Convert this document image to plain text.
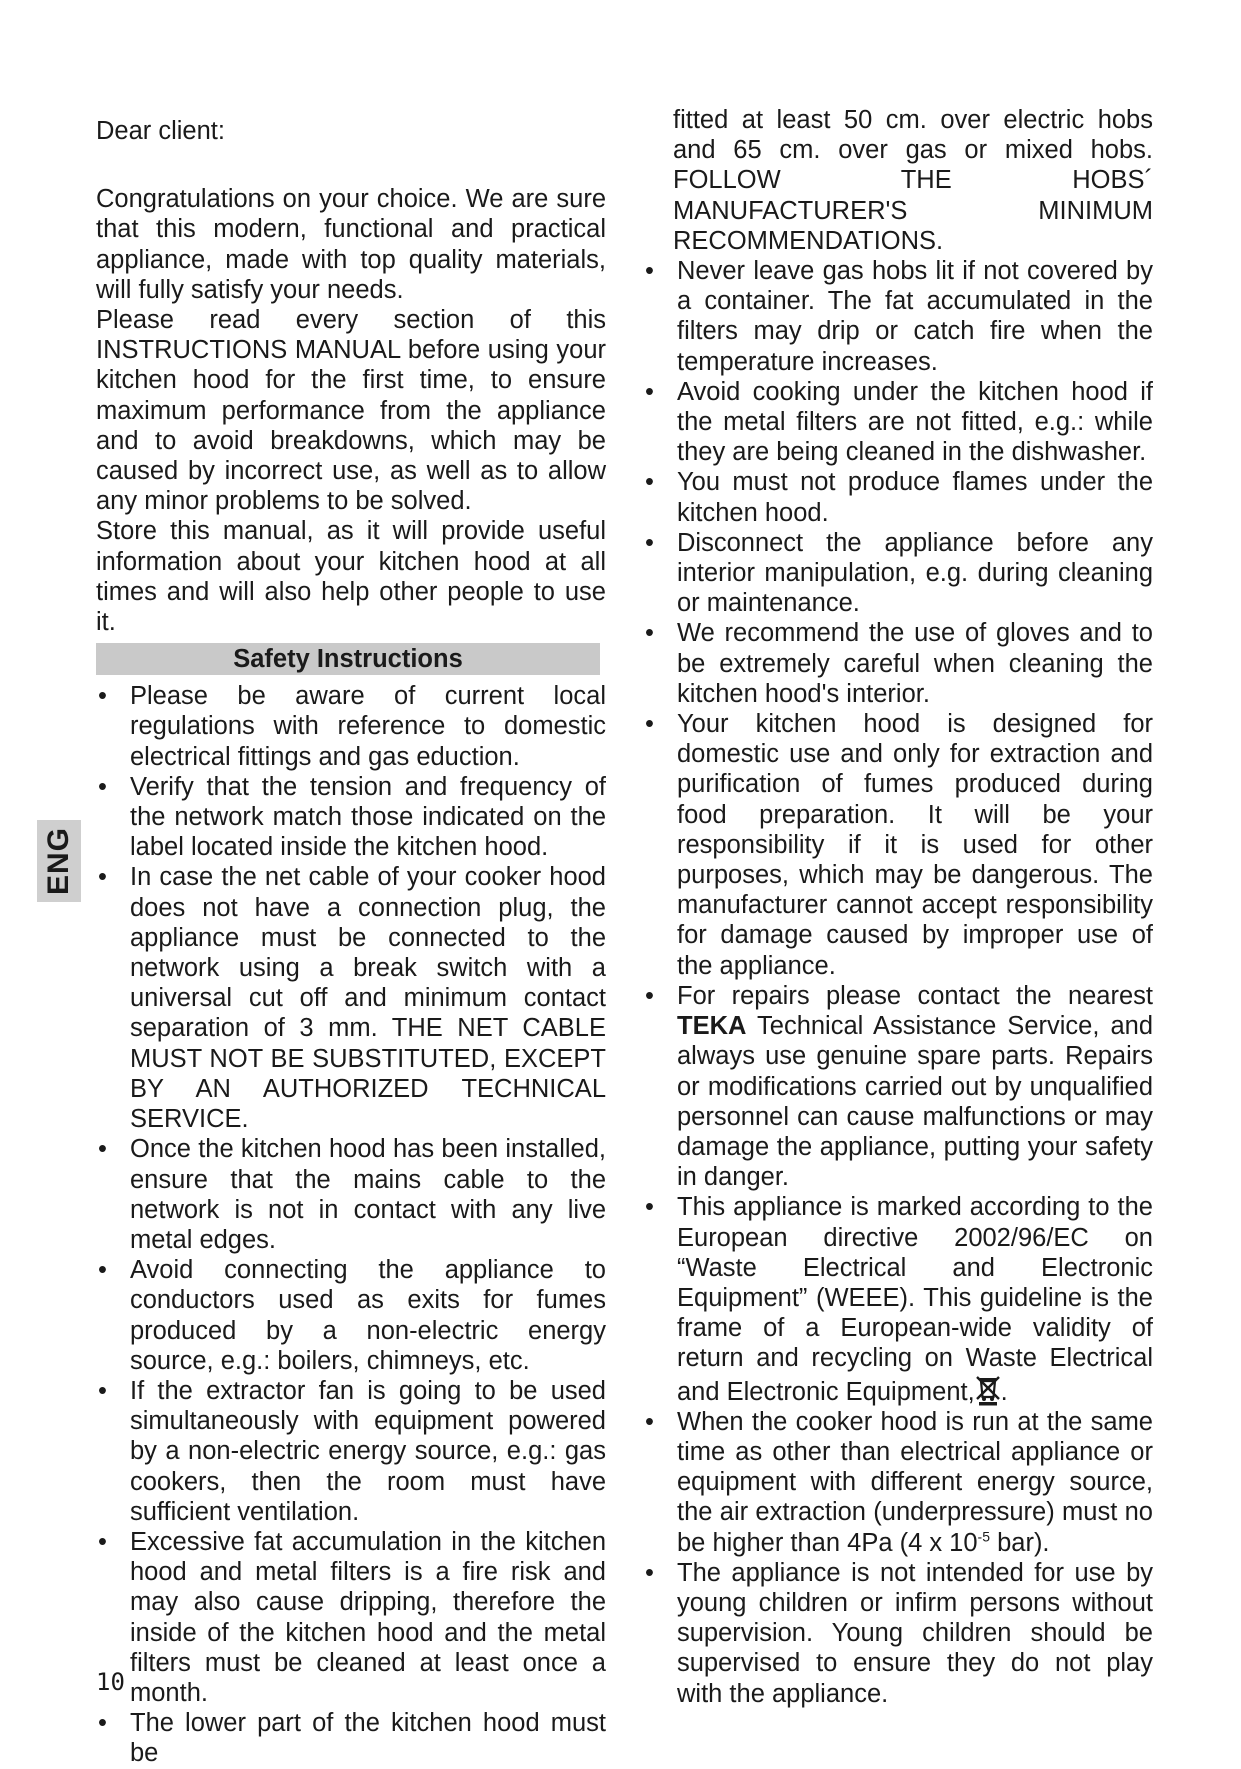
ENG

Dear client:

Congratulations on your choice. We are sure that this modern, functional and practical appliance, made with top quality materials, will fully satisfy your needs.

Please read every section of this INSTRUCTIONS MANUAL before using your kitchen hood for the first time, to ensure maximum performance from the appliance and to avoid breakdowns, which may be caused by incorrect use, as well as to allow any minor problems to be solved.

Store this manual, as it will provide useful information about your kitchen hood at all times and will also help other people to use it.

Safety Instructions

• Please be aware of current local regulations with reference to domestic electrical fittings and gas eduction.

• Verify that the tension and frequency of the network match those indicated on the label located inside the kitchen hood.

• In case the net cable of your cooker hood does not have a connection plug, the appliance must be connected to the network using a break switch with a universal cut off and minimum contact separation of 3 mm. THE NET CABLE MUST NOT BE SUBSTITUTED, EXCEPT BY AN AUTHORIZED TECHNICAL SERVICE.

• Once the kitchen hood has been installed, ensure that the mains cable to the network is not in contact with any live metal edges.

• Avoid connecting the appliance to conductors used as exits for fumes produced by a non-electric energy source, e.g.: boilers, chimneys, etc.

• If the extractor fan is going to be used simultaneously with equipment powered by a non-electric energy source, e.g.: gas cookers, then the room must have sufficient ventilation.

• Excessive fat accumulation in the kitchen hood and metal filters is a fire risk and may also cause dripping, therefore the inside of the kitchen hood and the metal filters must be cleaned at least once a month.

• The lower part of the kitchen hood must be

fitted at least 50 cm. over electric hobs and 65 cm. over gas or mixed hobs. FOLLOW THE HOBS´ MANUFACTURER'S MINIMUM RECOMMENDATIONS.

• Never leave gas hobs lit if not covered by a container. The fat accumulated in the filters may drip or catch fire when the temperature increases.

• Avoid cooking under the kitchen hood if the metal filters are not fitted, e.g.: while they are being cleaned in the dishwasher.

• You must not produce flames under the kitchen hood.

• Disconnect the appliance before any interior manipulation, e.g. during cleaning or maintenance.

• We recommend the use of gloves and to be extremely careful when cleaning the kitchen hood's interior.

• Your kitchen hood is designed for domestic use and only for extraction and purification of fumes produced during food preparation. It will be your responsibility if it is used for other purposes, which may be dangerous. The manufacturer cannot accept responsibility for damage caused by improper use of the appliance.

• For repairs please contact the nearest TEKA Technical Assistance Service, and always use genuine spare parts. Repairs or modifications carried out by unqualified personnel can cause malfunctions or may damage the appliance, putting your safety in danger.

• This appliance is marked according to the European directive 2002/96/EC on “Waste Electrical and Electronic Equipment” (WEEE). This guideline is the frame of a European-wide validity of return and recycling on Waste Electrical and Electronic Equipment, .

• When the cooker hood is run at the same time as other than electrical appliance or equipment with different energy source, the air extraction (underpressure) must no be higher than 4Pa (4 x $10^{-5}$ bar).

• The appliance is not intended for use by young children or infirm persons without supervision. Young children should be supervised to ensure they do not play with the appliance.

10
